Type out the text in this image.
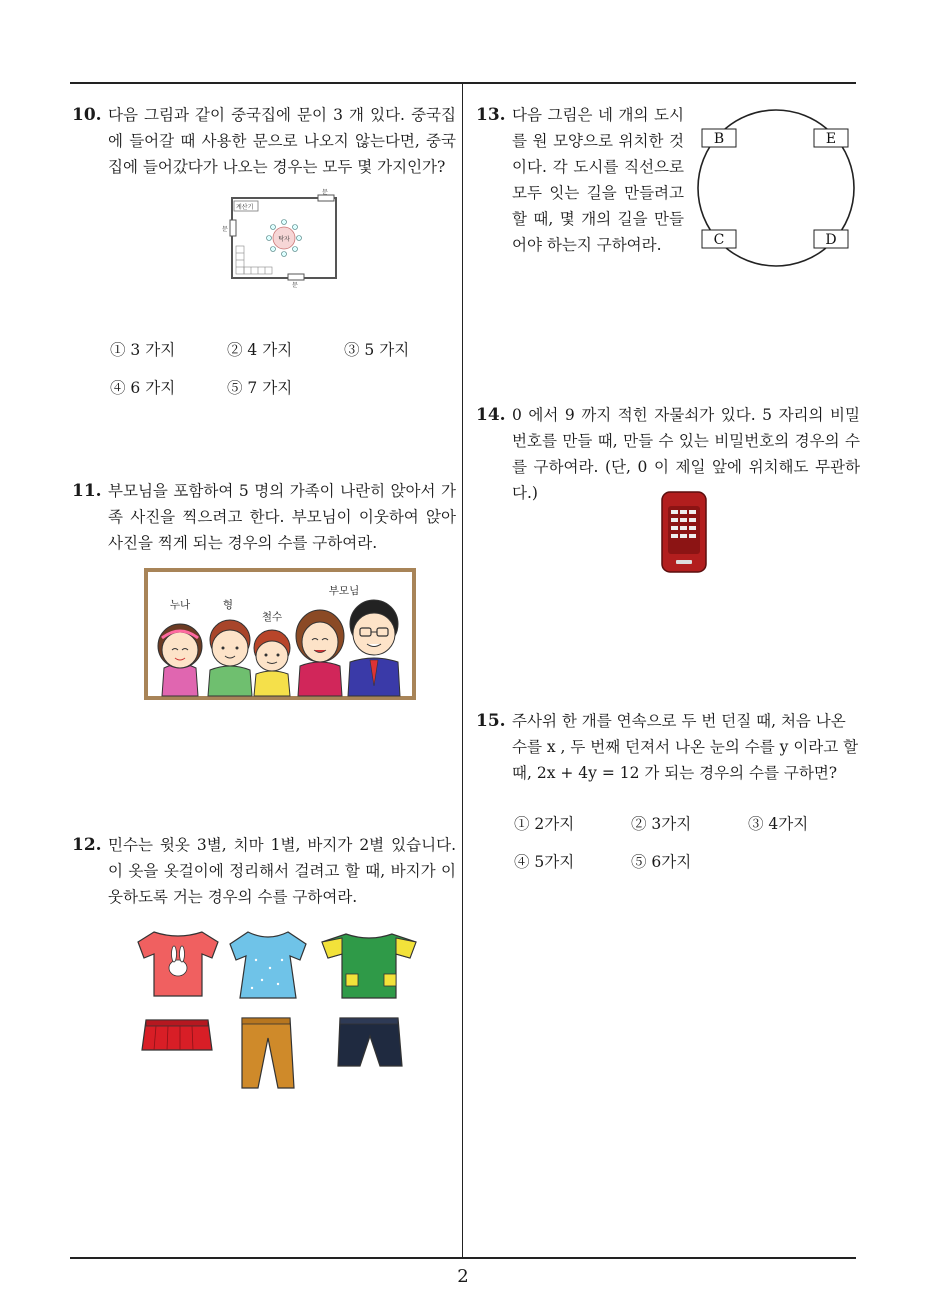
10. 다음 그림과 같이 중국집에 문이 3 개 있다. 중국집에 들어갈 때 사용한 문으로 나오지 않는다면, 중국집에 들어갔다가 나오는 경우는 모두 몇 가지인가?
계산기
탁자
문
문
문
① 3 가지	② 4 가지	③ 5 가지
④ 6 가지	⑤ 7 가지
11. 부모님을 포함하여 5 명의 가족이 나란히 앉아서 가족 사진을 찍으려고 한다. 부모님이 이웃하여 앉아 사진을 찍게 되는 경우의 수를 구하여라.
누나	형
철수
부모님
12. 민수는 윗옷 3별, 치마 1별, 바지가 2별 있습니다. 이 옷을 옷걸이에 정리해서 걸려고 할 때, 바지가 이웃하도록 거는 경우의 수를 구하여라.
13. 다음 그림은 네 개의 도시를 원 모양으로 위치한 것이다. 각 도시를 직선으로 모두 잇는 길을 만들려고 할 때, 몇 개의 길을 만들어야 하는지 구하여라.
B	E
C	D
14. 0 에서 9 까지 적힌 자물쇠가 있다. 5 자리의 비밀번호를 만들 때, 만들 수 있는 비밀번호의 경우의 수를 구하여라. (단, 0 이 제일 앞에 위치해도 무관하다.)
15. 주사위 한 개를 연속으로 두 번 던질 때, 처음 나온
수를 x , 두 번째 던져서 나온 눈의 수를 y 이라고 할
때, 2x + 4y = 12 가 되는 경우의 수를 구하면?
① 2가지	② 3가지	③ 4가지
④ 5가지	⑤ 6가지
2
